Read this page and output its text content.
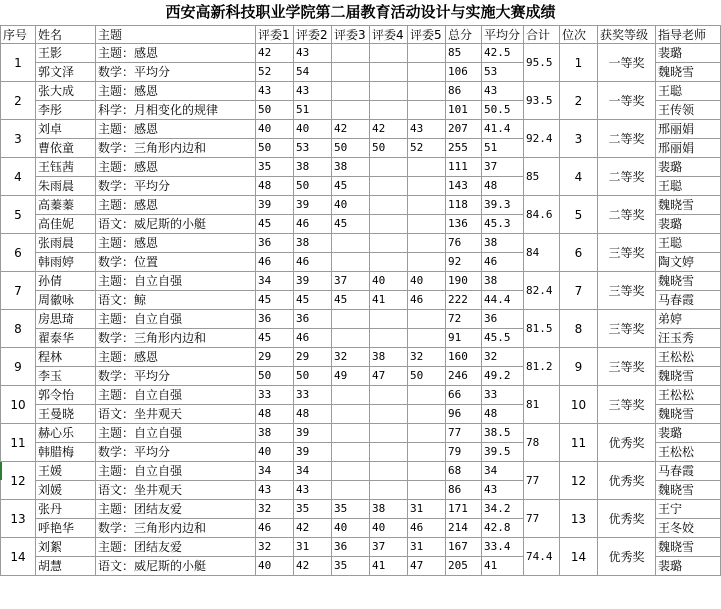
西安高新科技职业学院第二届教育活动设计与实施大赛成绩
序号	姓名	主题	评委1	评委2	评委3	评委4	评委5	总分	平均分	合计	位次	获奖等级	指导老师
1	王影	主题：感恩	42	43				85	42.5	95.5	1	一等奖	裴璐
	郭文泽	数学：平均分	52	54				106	53				魏晓雪
2	张大成	主题：感恩	43	43				86	43	93.5	2	一等奖	王聪
	李彤	科学：月相变化的规律	50	51				101	50.5				王传领
3	刘卓	主题：感恩	40	40	42	42	43	207	41.4	92.4	3	二等奖	邢丽娟
	曹依童	数学：三角形内边和	50	53	50	50	52	255	51				邢丽娟
4	王钰茜	主题：感恩	35	38	38			111	37	85	4	二等奖	裴璐
	朱雨晨	数学：平均分	48	50	45			143	48				王聪
5	高蓁蓁	主题：感恩	39	39	40			118	39.3	84.6	5	二等奖	魏晓雪
	高佳妮	语文：威尼斯的小艇	45	46	45			136	45.3				裴璐
6	张雨晨	主题：感恩	36	38				76	38	84	6	三等奖	王聪
	韩雨婷	数学：位置	46	46				92	46				陶文婷
7	孙倩	主题：自立自强	34	39	37	40	40	190	38	82.4	7	三等奖	魏晓雪
	周徽咏	语文：鲸	45	45	45	41	46	222	44.4				马春霞
8	房思琦	主题：自立自强	36	36				72	36	81.5	8	三等奖	弟婷
	翟泰华	数学：三角形内边和	45	46				91	45.5				汪玉秀
9	程林	主题：感恩	29	29	32	38	32	160	32	81.2	9	三等奖	王松松
	李玉	数学：平均分	50	50	49	47	50	246	49.2				魏晓雪
10	郭令怡	主题：自立自强	33	33				66	33	81	10	三等奖	王松松
	王曼晓	语文：坐井观天	48	48				96	48				魏晓雪
11	赫心乐	主题：自立自强	38	39				77	38.5	78	11	优秀奖	裴璐
	韩腊梅	数学：平均分	40	39				79	39.5				王松松
12	王媛	主题：自立自强	34	34				68	34	77	12	优秀奖	马春霞
	刘媛	语文：坐井观天	43	43				86	43				魏晓雪
13	张丹	主题：团结友爱	32	35	35	38	31	171	34.2	77	13	优秀奖	王宁
	呼艳华	数学：三角形内边和	46	42	40	40	46	214	42.8				王冬姣
14	刘絮	主题：团结友爱	32	31	36	37	31	167	33.4	74.4	14	优秀奖	魏晓雪
	胡慧	语文：威尼斯的小艇	40	42	35	41	47	205	41				裴璐
